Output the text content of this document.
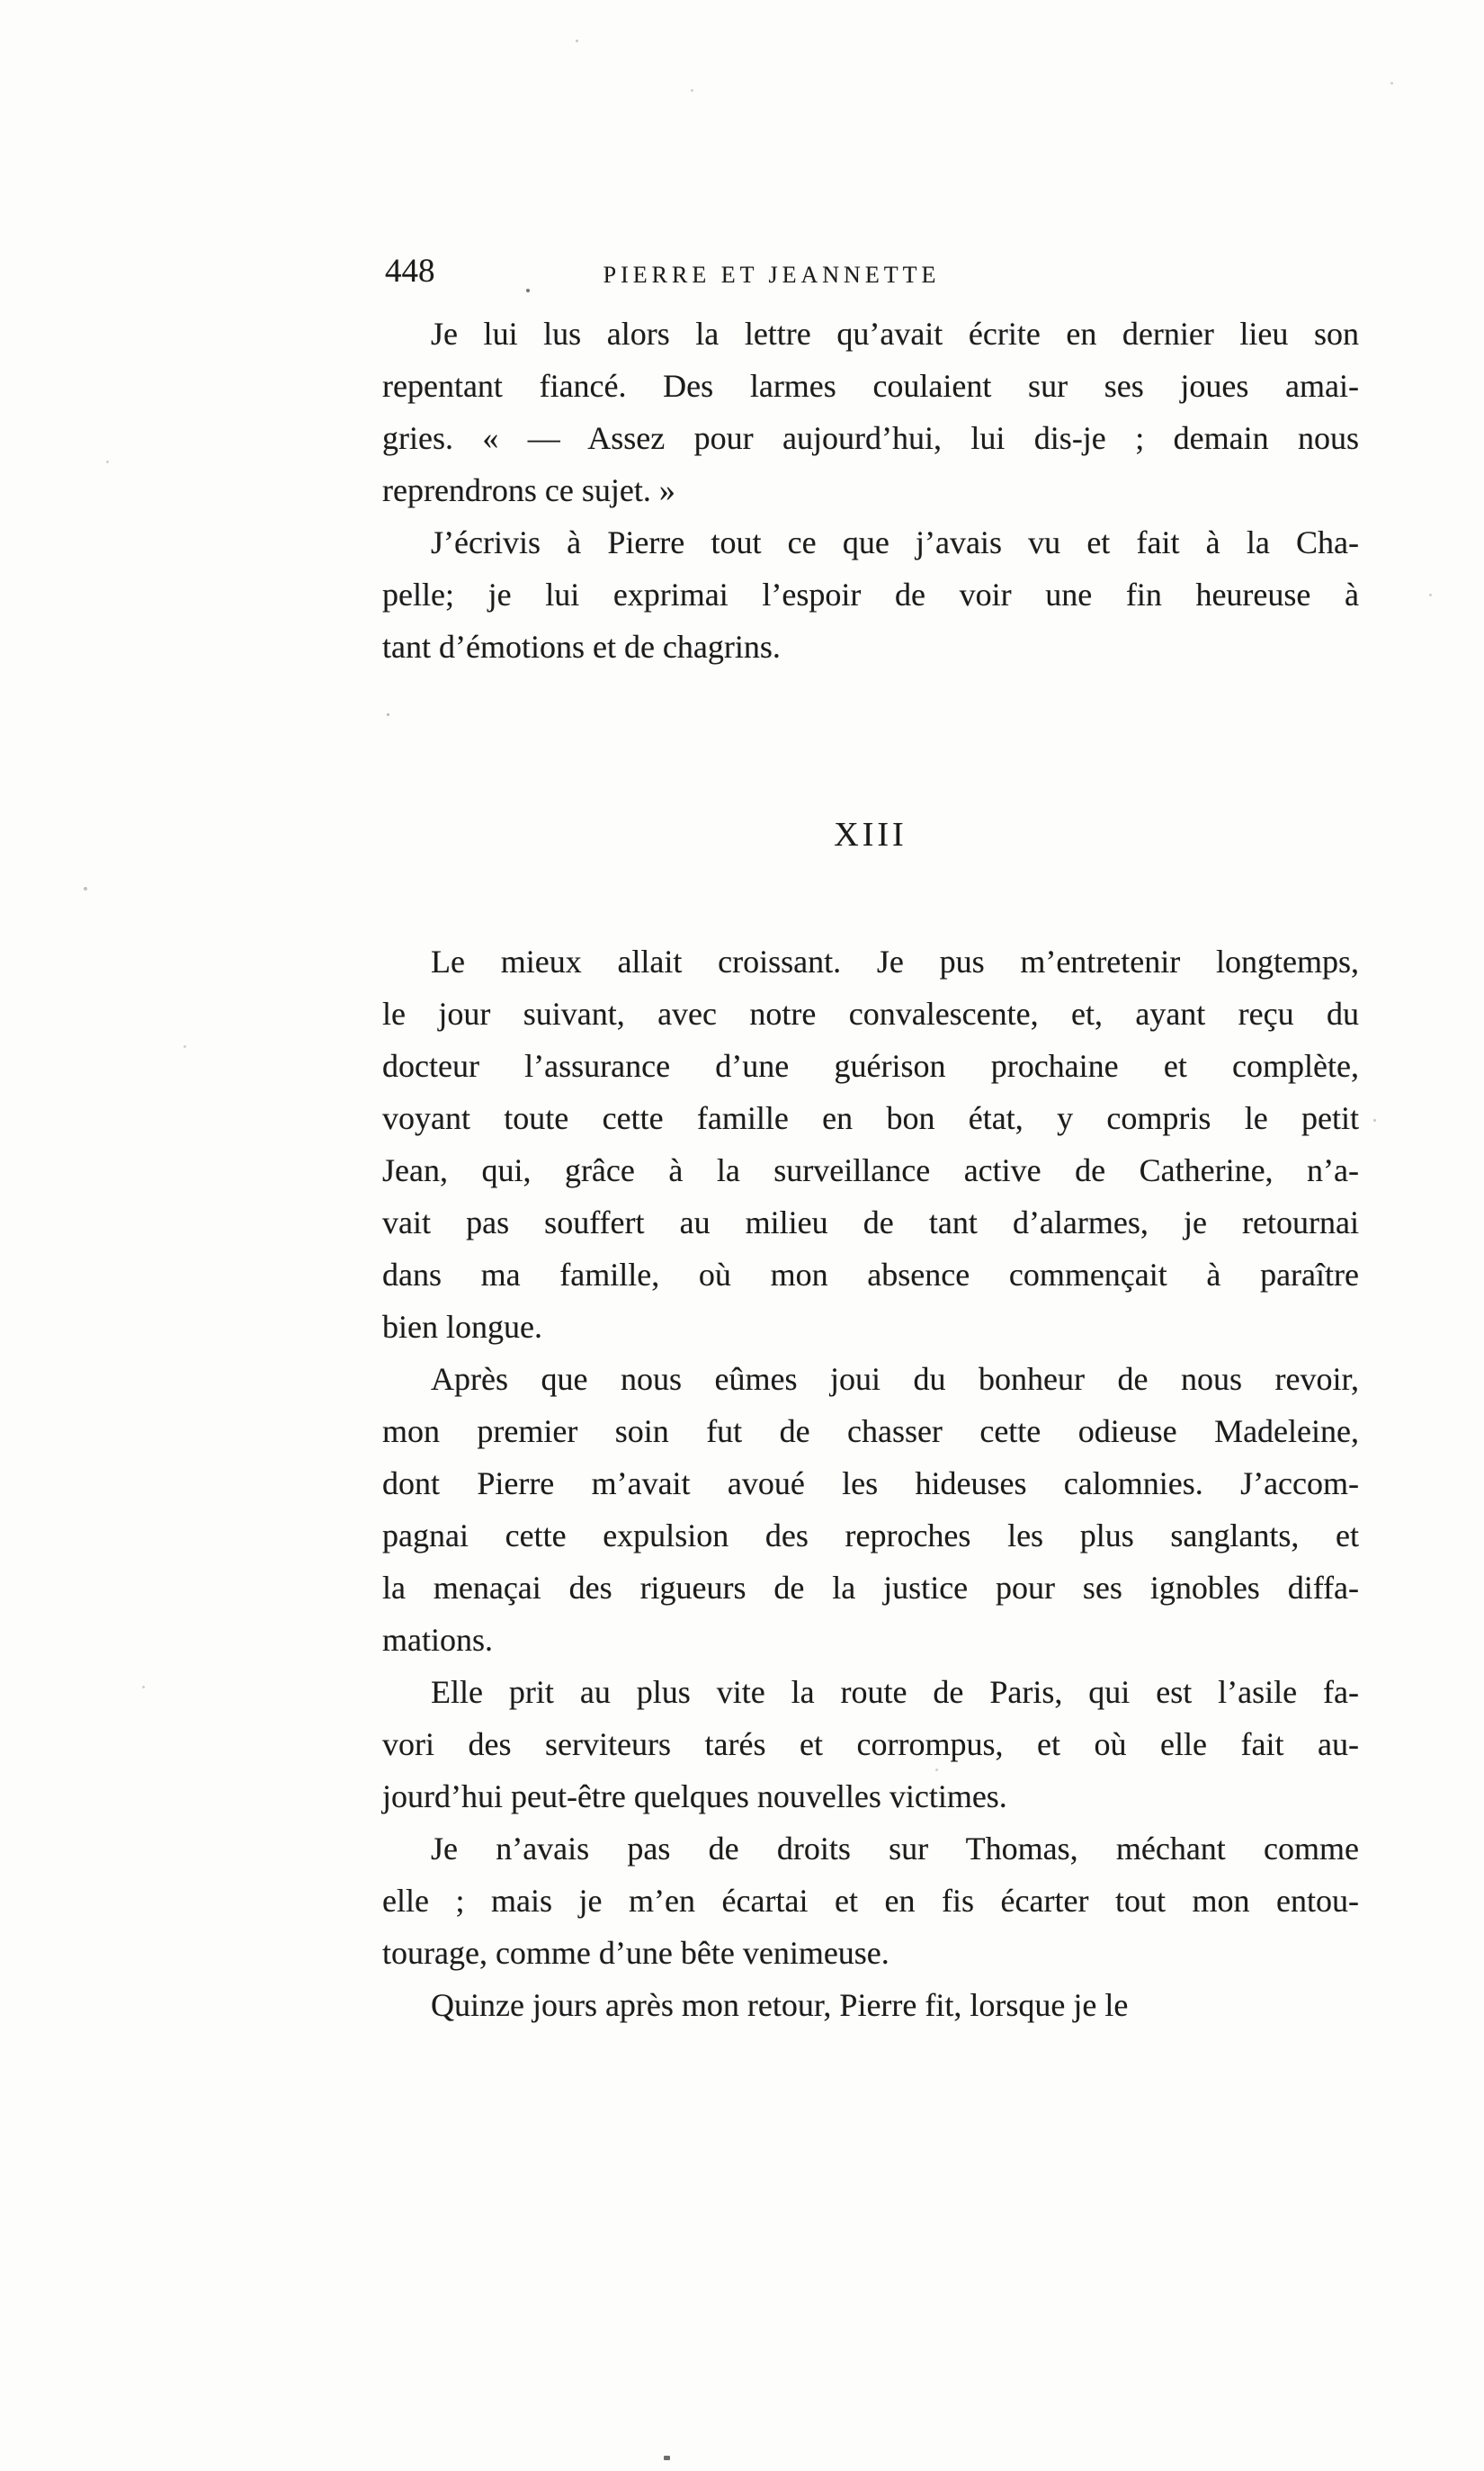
448	PIERRE ET JEANNETTE
Je lui lus alors la lettre qu’avait écrite en dernier lieu son
repentant fiancé. Des larmes coulaient sur ses joues amai-
gries. « — Assez pour aujourd’hui, lui dis-je ; demain nous
reprendrons ce sujet. »
J’écrivis à Pierre tout ce que j’avais vu et fait à la Cha-
pelle; je lui exprimai l’espoir de voir une fin heureuse à
tant d’émotions et de chagrins.
XIII
Le mieux allait croissant. Je pus m’entretenir longtemps,
le jour suivant, avec notre convalescente, et, ayant reçu du
docteur l’assurance d’une guérison prochaine et complète,
voyant toute cette famille en bon état, y compris le petit
Jean, qui, grâce à la surveillance active de Catherine, n’a-
vait pas souffert au milieu de tant d’alarmes, je retournai
dans ma famille, où mon absence commençait à paraître
bien longue.
Après que nous eûmes joui du bonheur de nous revoir,
mon premier soin fut de chasser cette odieuse Madeleine,
dont Pierre m’avait avoué les hideuses calomnies. J’accom-
pagnai cette expulsion des reproches les plus sanglants, et
la menaçai des rigueurs de la justice pour ses ignobles diffa-
mations.
Elle prit au plus vite la route de Paris, qui est l’asile fa-
vori des serviteurs tarés et corrompus, et où elle fait au-
jourd’hui peut-être quelques nouvelles victimes.
Je n’avais pas de droits sur Thomas, méchant comme
elle ; mais je m’en écartai et en fis écarter tout mon entou-
tourage, comme d’une bête venimeuse.
Quinze jours après mon retour, Pierre fit, lorsque je le
